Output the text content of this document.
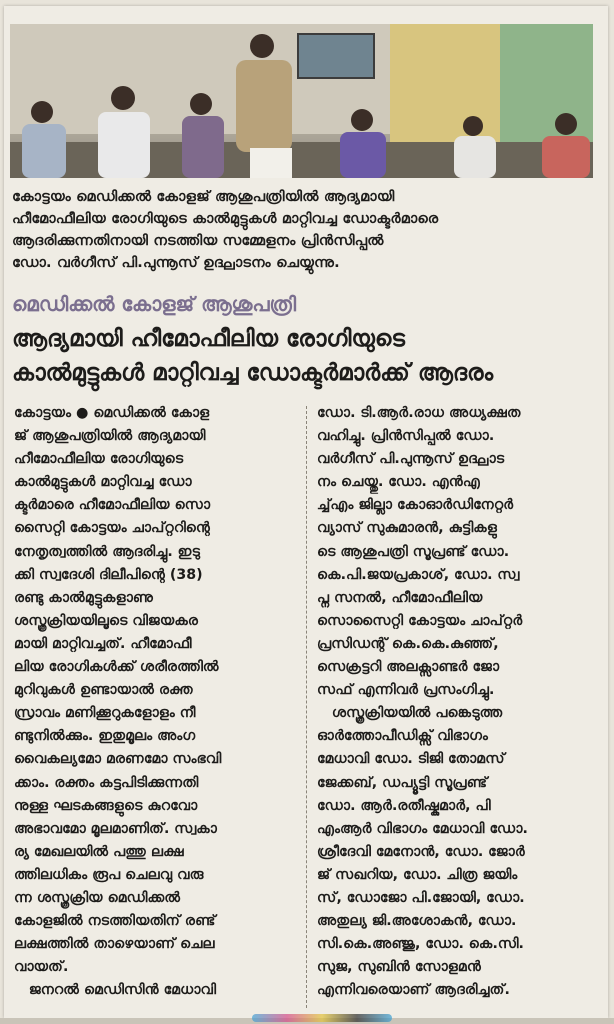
കോട്ടയം മെഡിക്കൽ കോളജ് ആശുപത്രിയിൽ ആദ്യമായി
ഹീമോഫീലിയ രോഗിയുടെ കാൽമുട്ടുകൾ മാറ്റിവച്ച ഡോക്ടർമാരെ
ആദരിക്കുന്നതിനായി നടത്തിയ സമ്മേളനം പ്രിൻസിപ്പൽ
ഡോ. വർഗീസ് പി.പുന്നൂസ് ഉദ്ഘാടനം ചെയ്യുന്നു.
മെഡിക്കൽ കോളജ് ആശുപത്രി
ആദ്യമായി ഹീമോഫീലിയ രോഗിയുടെ
കാൽമുട്ടുകൾ മാറ്റിവച്ച ഡോക്ടർമാർക്ക് ആദരം
കോട്ടയം ● മെഡിക്കൽ കോള
ജ് ആശുപത്രിയിൽ ആദ്യമായി
ഹീമോഫീലിയ രോഗിയുടെ
കാൽമുട്ടുകൾ മാറ്റിവച്ച ഡോ
ക്ടർമാരെ ഹീമോഫീലിയ സൊ
സൈറ്റി കോട്ടയം ചാപ്റ്ററിന്റെ
നേതൃത്വത്തിൽ ആദരിച്ചു. ഇടു
ക്കി സ്വദേശി ദിലീപിന്റെ (38)
രണ്ടു കാൽമുട്ടുകളാണു
ശസ്ത്രക്രിയയിലൂടെ വിജയകര
മായി മാറ്റിവച്ചത്. ഹീമോഫീ
ലിയ രോഗികൾക്ക് ശരീരത്തിൽ
മുറിവുകൾ ഉണ്ടായാൽ രക്ത
സ്രാവം മണിക്കൂറുകളോളം നീ
ണ്ടുനിൽക്കും. ഇതുമൂലം അംഗ
വൈകല്യമോ മരണമോ സംഭവി
ക്കാം. രക്തം കട്ടപിടിക്കുന്നതി
നുള്ള ഘടകങ്ങളുടെ കുറവോ
അഭാവമോ മൂലമാണിത്. സ്വകാ
ര്യ മേഖലയിൽ പത്തു ലക്ഷ
ത്തിലധികം രൂപ ചെലവു വരു
ന്ന ശസ്ത്രക്രിയ മെഡിക്കൽ
കോളജിൽ നടത്തിയതിന് രണ്ട്
ലക്ഷത്തിൽ താഴെയാണ് ചെല
വായത്.
ജനറൽ മെഡിസിൻ മേധാവി
ഡോ. ടി.ആർ.രാധ അധ്യക്ഷത
വഹിച്ചു. പ്രിൻസിപ്പൽ ഡോ.
വർഗീസ് പി.പുന്നൂസ് ഉദ്ഘാട
നം ചെയ്തു. ഡോ. എൻഎ
ച്ച്എം ജില്ലാ കോഓർഡിനേറ്റർ
വ്യാസ് സുകുമാരൻ, കുട്ടികളു
ടെ ആശുപത്രി സൂപ്രണ്ട് ഡോ.
കെ.പി.ജയപ്രകാശ്, ഡോ. സ്വ
പ്ന സനൽ, ഹീമോഫീലിയ
സൊസൈറ്റി കോട്ടയം ചാപ്റ്റർ
പ്രസിഡന്റ് കെ.കെ.കുഞ്ഞ്,
സെക്രട്ടറി അലക്സാണ്ടർ ജോ
സഫ് എന്നിവർ പ്രസംഗിച്ചു.
ശസ്ത്രക്രിയയിൽ പങ്കെടുത്ത
ഓർത്തോപീഡിക്സ് വിഭാഗം
മേധാവി ഡോ. ടിജി തോമസ്
ജേക്കബ്, ഡപ്യൂട്ടി സൂപ്രണ്ട്
ഡോ. ആർ.രതീഷ്കുമാർ, പി
എംആർ വിഭാഗം മേധാവി ഡോ.
ശ്രീദേവി മേനോൻ, ഡോ. ജോർ
ജ് സഖറിയ, ഡോ. ചിത്ര ജയിം
സ്, ഡോജോ പി.ജോയി, ഡോ.
അതുല്യ ജി.അശോകൻ, ഡോ.
സി.കെ.അഞ്ജു, ഡോ. കെ.സി.
സുജ, സുബിൻ സോളമൻ
എന്നിവരെയാണ് ആദരിച്ചത്.
